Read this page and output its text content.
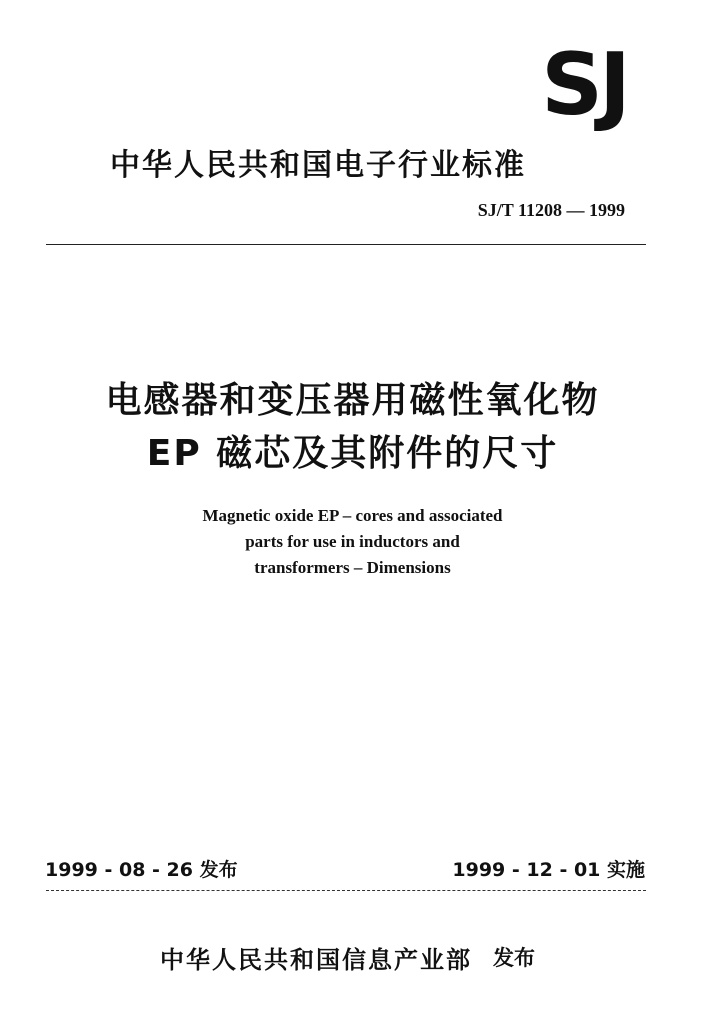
SJ
中华人民共和国电子行业标准
SJ/T 11208 — 1999
电感器和变压器用磁性氧化物
EP 磁芯及其附件的尺寸
Magnetic oxide EP – cores and associated
parts for use in inductors and
transformers – Dimensions
1999 - 08 - 26 发布	1999 - 12 - 01 实施
中华人民共和国信息产业部 发布
